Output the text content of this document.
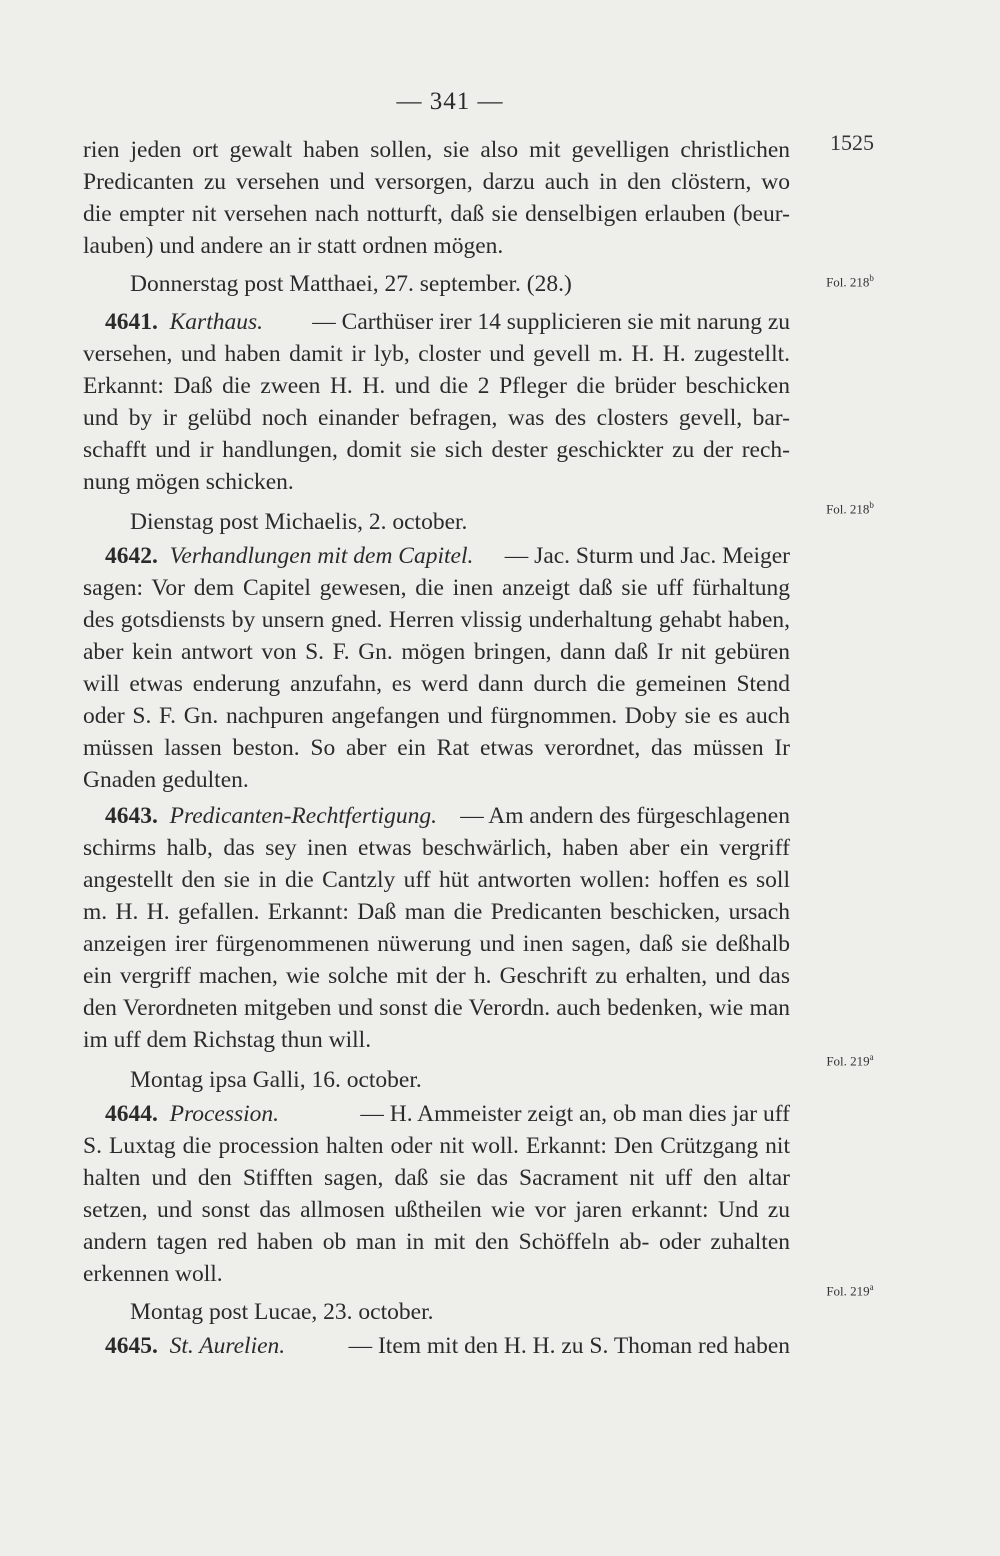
— 341 —
1525
Fol. 218$^b$
Fol. 218$^b$
Fol. 219$^a$
Fol. 219$^a$
rien jeden ort gewalt haben sollen, sie also mit gevelligen christlichen
Predicanten zu versehen und versorgen, darzu auch in den clöstern, wo
die empter nit versehen nach notturft, daß sie denselbigen erlauben (beur-
lauben) und andere an ir statt ordnen mögen.
Donnerstag post Matthaei, 27. september. (28.)
4641. Karthaus. — Carthüser irer 14 supplicieren sie mit narung zu
versehen, und haben damit ir lyb, closter und gevell m. H. H. zugestellt.
Erkannt: Daß die zween H. H. und die 2 Pfleger die brüder beschicken
und by ir gelübd noch einander befragen, was des closters gevell, bar-
schafft und ir handlungen, domit sie sich dester geschickter zu der rech-
nung mögen schicken.
Dienstag post Michaelis, 2. october.
4642. Verhandlungen mit dem Capitel. — Jac. Sturm und Jac. Meiger
sagen: Vor dem Capitel gewesen, die inen anzeigt daß sie uff fürhaltung
des gotsdiensts by unsern gned. Herren vlissig underhaltung gehabt haben,
aber kein antwort von S. F. Gn. mögen bringen, dann daß Ir nit gebüren
will etwas enderung anzufahn, es werd dann durch die gemeinen Stend
oder S. F. Gn. nachpuren angefangen und fürgnommen. Doby sie es auch
müssen lassen beston. So aber ein Rat etwas verordnet, das müssen Ir
Gnaden gedulten.
4643. Predicanten-Rechtfertigung. — Am andern des fürgeschlagenen
schirms halb, das sey inen etwas beschwärlich, haben aber ein vergriff
angestellt den sie in die Cantzly uff hüt antworten wollen: hoffen es soll
m. H. H. gefallen. Erkannt: Daß man die Predicanten beschicken, ursach
anzeigen irer fürgenommenen nüwerung und inen sagen, daß sie deßhalb
ein vergriff machen, wie solche mit der h. Geschrift zu erhalten, und das
den Verordneten mitgeben und sonst die Verordn. auch bedenken, wie man
im uff dem Richstag thun will.
Montag ipsa Galli, 16. october.
4644. Procession.	— H. Ammeister zeigt an, ob man dies jar uff
S. Luxtag die procession halten oder nit woll. Erkannt: Den Crützgang nit
halten und den Stifften sagen, daß sie das Sacrament nit uff den altar
setzen, und sonst das allmosen ußtheilen wie vor jaren erkannt: Und zu
andern tagen red haben ob man in mit den Schöffeln ab- oder zuhalten
erkennen woll.
Montag post Lucae, 23. october.
4645. St. Aurelien.	— Item mit den H. H. zu S. Thoman red haben
